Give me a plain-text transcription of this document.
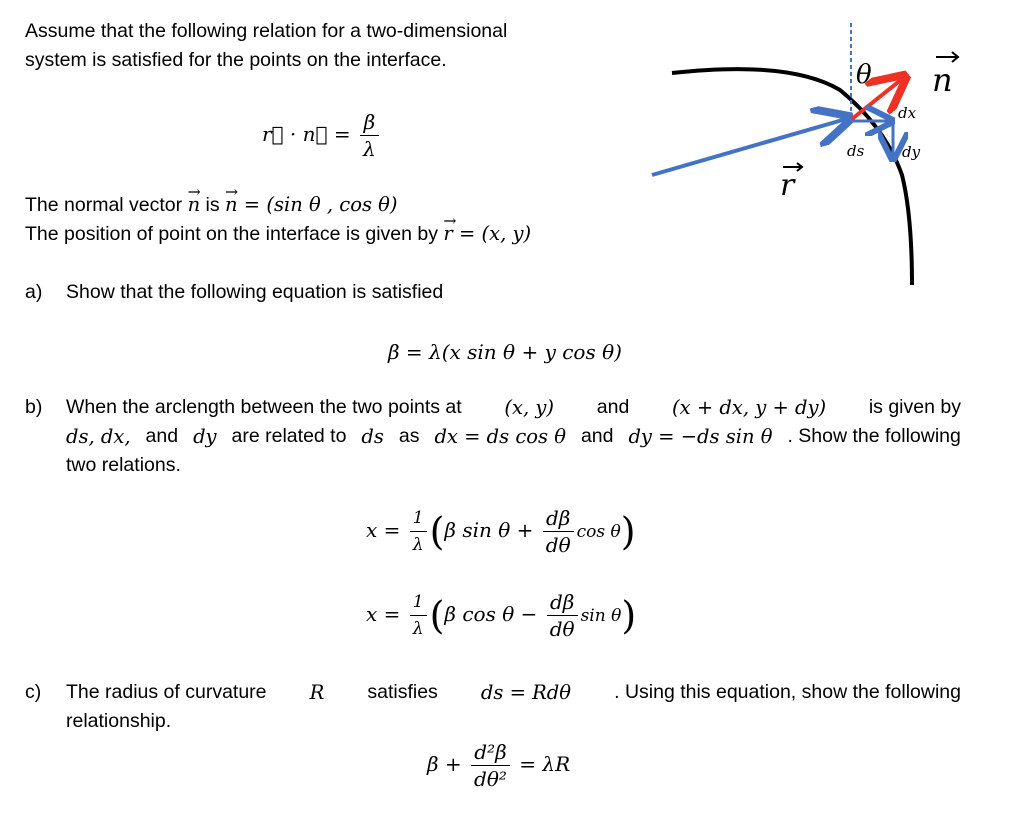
Assume that the following relation for a two-dimensional
system is satisfied for the points on the interface.
r⃗ · n⃗ = $\frac{\beta}{\lambda}$
The normal vector → n is → n = (sin θ , cos θ)
The position of point on the interface is given by → r = (x, y)
a) Show that the following equation is satisfied
β = λ(x sin θ + y cos θ)
b) When the arclength between the two points at (x, y) and (x + dx, y + dy) is given by
ds, dx, and dy are related to ds as dx = ds cos θ and dy = −ds sin θ . Show the following
two relations.
$x = \frac{1}{\lambda} (\beta$ $\sin \theta + \frac{d\beta}{d\theta}$ cos θ)
$x = \frac{1}{\lambda} (\beta$ $\cos \theta - \frac{d\beta}{d\theta}$ sin θ)
c) The radius of curvature R satisfies ds = Rdθ . Using this equation, show the following
relationship.
$\beta + \frac{\text{d²β}}{\text{dθ²}} = \lambda R$
θ n
r
dx
dy
ds
